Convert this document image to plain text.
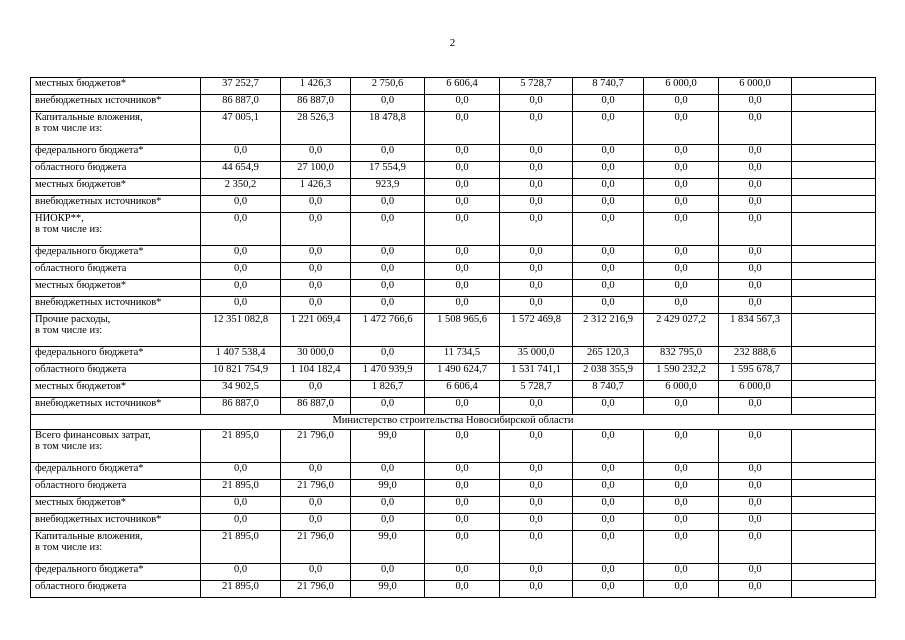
2
местных бюджетов*	37 252,7	1 426,3	2 750,6	6 606,4	5 728,7	8 740,7	6 000,0	6 000,0	

внебюджетных источников*	86 887,0	86 887,0	0,0	0,0	0,0	0,0	0,0	0,0	

Капитальные вложения,
в том числе из:	47 005,1	28 526,3	18 478,8	0,0	0,0	0,0	0,0	0,0	

федерального бюджета*	0,0	0,0	0,0	0,0	0,0	0,0	0,0	0,0	

областного бюджета	44 654,9	27 100,0	17 554,9	0,0	0,0	0,0	0,0	0,0	

местных бюджетов*	2 350,2	1 426,3	923,9	0,0	0,0	0,0	0,0	0,0	

внебюджетных источников*	0,0	0,0	0,0	0,0	0,0	0,0	0,0	0,0	

НИОКР**,
в том числе из:	0,0	0,0	0,0	0,0	0,0	0,0	0,0	0,0	

федерального бюджета*	0,0	0,0	0,0	0,0	0,0	0,0	0,0	0,0	

областного бюджета	0,0	0,0	0,0	0,0	0,0	0,0	0,0	0,0	

местных бюджетов*	0,0	0,0	0,0	0,0	0,0	0,0	0,0	0,0	

внебюджетных источников*	0,0	0,0	0,0	0,0	0,0	0,0	0,0	0,0	

Прочие расходы,
в том числе из:	12 351 082,8	1 221 069,4	1 472 766,6	1 508 965,6	1 572 469,8	2 312 216,9	2 429 027,2	1 834 567,3	

федерального бюджета*	1 407 538,4	30 000,0	0,0	11 734,5	35 000,0	265 120,3	832 795,0	232 888,6	

областного бюджета	10 821 754,9	1 104 182,4	1 470 939,9	1 490 624,7	1 531 741,1	2 038 355,9	1 590 232,2	1 595 678,7	

местных бюджетов*	34 902,5	0,0	1 826,7	6 606,4	5 728,7	8 740,7	6 000,0	6 000,0	

внебюджетных источников*	86 887,0	86 887,0	0,0	0,0	0,0	0,0	0,0	0,0	
Министерство строительства Новосибирской области									

Всего финансовых затрат,
в том числе из:	21 895,0	21 796,0	99,0	0,0	0,0	0,0	0,0	0,0	

федерального бюджета*	0,0	0,0	0,0	0,0	0,0	0,0	0,0	0,0	

областного бюджета	21 895,0	21 796,0	99,0	0,0	0,0	0,0	0,0	0,0	

местных бюджетов*	0,0	0,0	0,0	0,0	0,0	0,0	0,0	0,0	

внебюджетных источников*	0,0	0,0	0,0	0,0	0,0	0,0	0,0	0,0	

Капитальные вложения,
в том числе из:	21 895,0	21 796,0	99,0	0,0	0,0	0,0	0,0	0,0	

федерального бюджета*	0,0	0,0	0,0	0,0	0,0	0,0	0,0	0,0	

областного бюджета	21 895,0	21 796,0	99,0	0,0	0,0	0,0	0,0	0,0	
